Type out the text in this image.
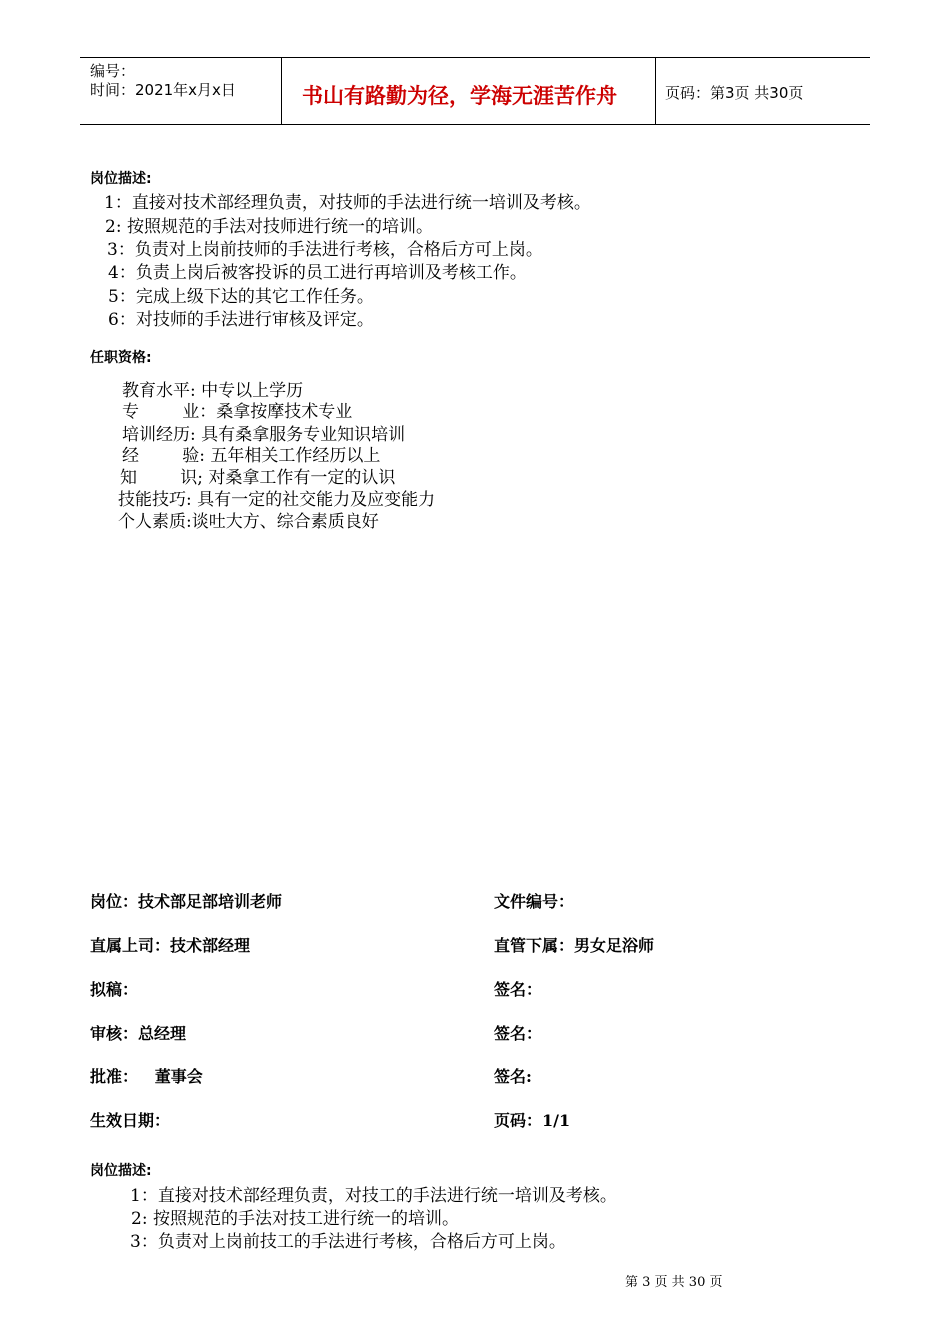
编号：
时间：2021年x月x日	书山有路勤为径，学海无涯苦作舟	页码：第3页 共30页
岗位描述:
1：直接对技术部经理负责，对技师的手法进行统一培训及考核。
2: 按照规范的手法对技师进行统一的培训。
3：负责对上岗前技师的手法进行考核，合格后方可上岗。
4：负责上岗后被客投诉的员工进行再培训及考核工作。
5：完成上级下达的其它工作任务。
6：对技师的手法进行审核及评定。
任职资格:
教育水平: 中专以上学历
专        业：桑拿按摩技术专业
培训经历: 具有桑拿服务专业知识培训
经        验: 五年相关工作经历以上
知        识; 对桑拿工作有一定的认识
技能技巧: 具有一定的社交能力及应变能力
个人素质:谈吐大方、综合素质良好
岗位：技术部足部培训老师
直属上司：技术部经理
拟稿：
审核：总经理
批准：   董事会
生效日期：
文件编号：
直管下属：男女足浴师
签名：
签名：
签名:
页码：1/1
岗位描述:
1：直接对技术部经理负责，对技工的手法进行统一培训及考核。
2: 按照规范的手法对技工进行统一的培训。
3：负责对上岗前技工的手法进行考核，合格后方可上岗。
第 3 页 共 30 页
